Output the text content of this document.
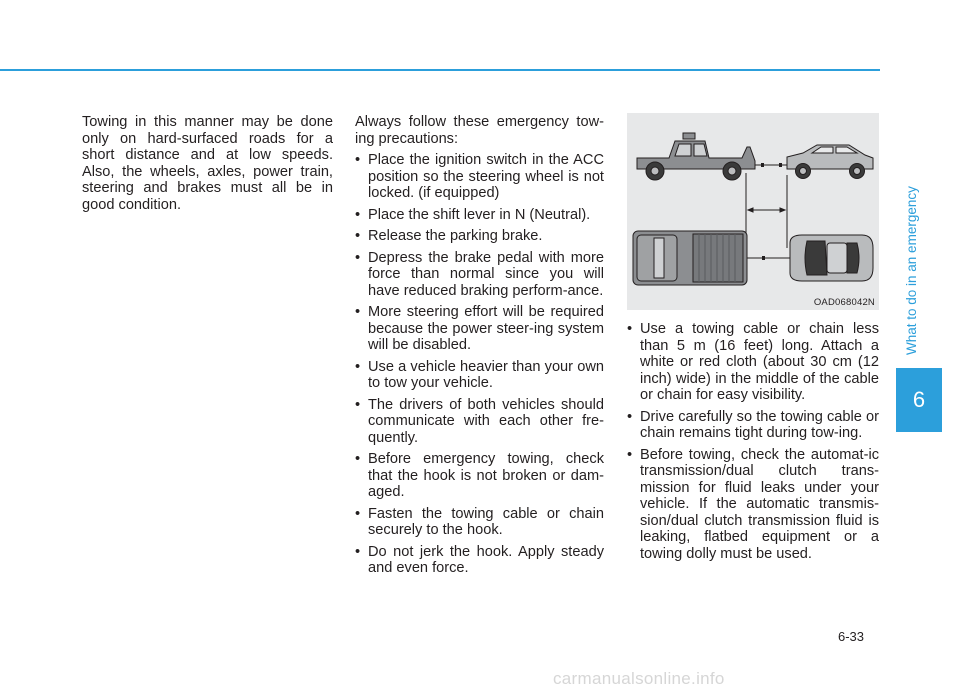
Towing in this manner may be done only on hard-surfaced roads for a short distance and at low speeds. Also, the wheels, axles, power train, steering and brakes must all be in good condition.

Always follow these emergency tow-ing precautions:

• Place the ignition switch in the ACC position so the steering wheel is not locked. (if equipped)
• Place the shift lever in N (Neutral).
• Release the parking brake.
• Depress the brake pedal with more force than normal since you will have reduced braking perform-ance.
• More steering effort will be required because the power steer-ing system will be disabled.
• Use a vehicle heavier than your own to tow your vehicle.
• The drivers of both vehicles should communicate with each other fre-quently.
• Before emergency towing, check that the hook is not broken or dam-aged.
• Fasten the towing cable or chain securely to the hook.
• Do not jerk the hook. Apply steady and even force.
OAD068042N
• Use a towing cable or chain less than 5 m (16 feet) long. Attach a white or red cloth (about 30 cm (12 inch) wide) in the middle of the cable or chain for easy visibility.
• Drive carefully so the towing cable or chain remains tight during tow-ing.
• Before towing, check the automat-ic transmission/dual clutch trans-mission for fluid leaks under your vehicle. If the automatic transmis-sion/dual clutch transmission fluid is leaking, flatbed equipment or a towing dolly must be used.
What to do in an emergency
6
6-33
carmanualsonline.info
